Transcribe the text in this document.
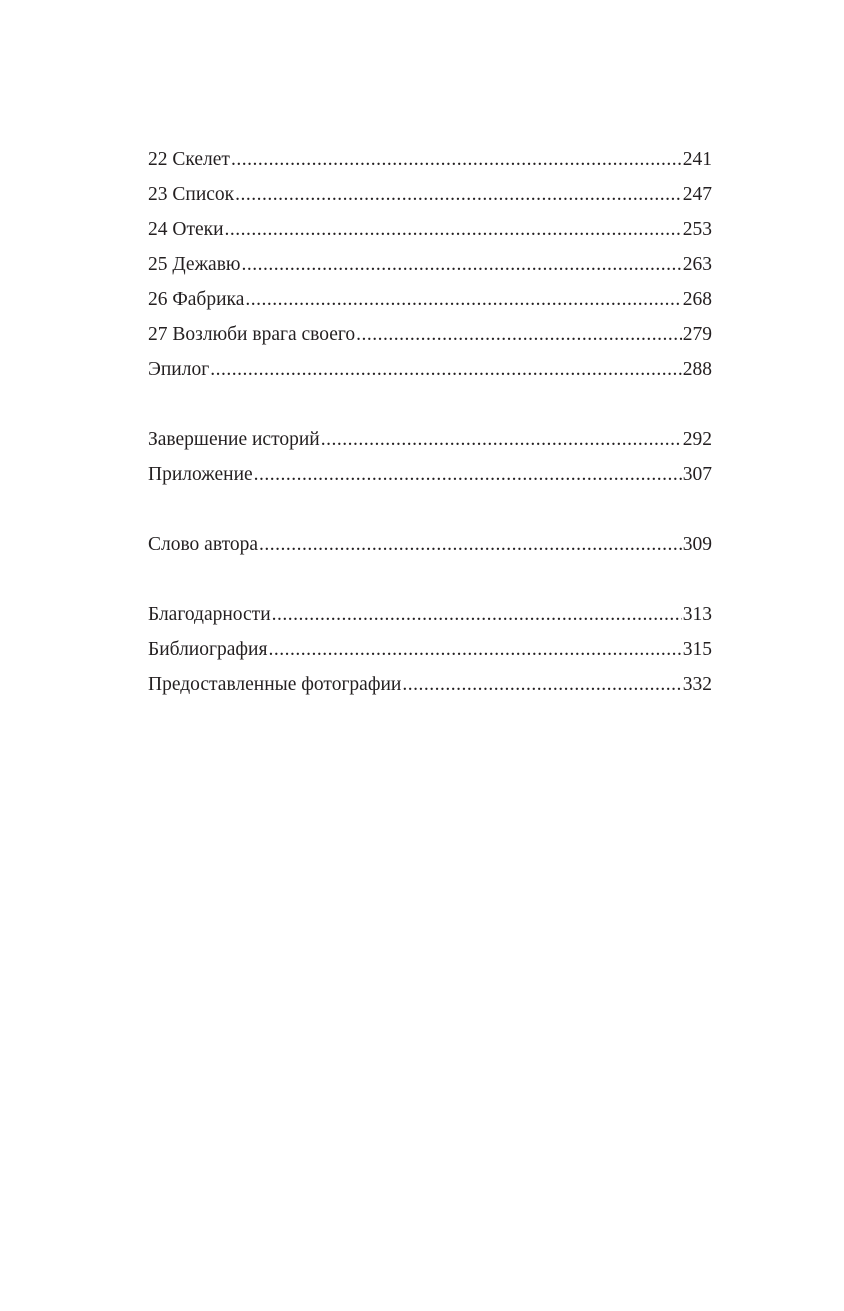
22 Скелет .....	241
23 Список .....	247
24 Отеки .....	253
25 Дежавю .....	263
26 Фабрика .....	268
27 Возлюби врага своего .....	279
Эпилог .....	288
Завершение историй .....	292
Приложение .....	307
Слово автора .....	309
Благодарности .....	313
Библиография .....	315
Предоставленные фотографии .....	332
